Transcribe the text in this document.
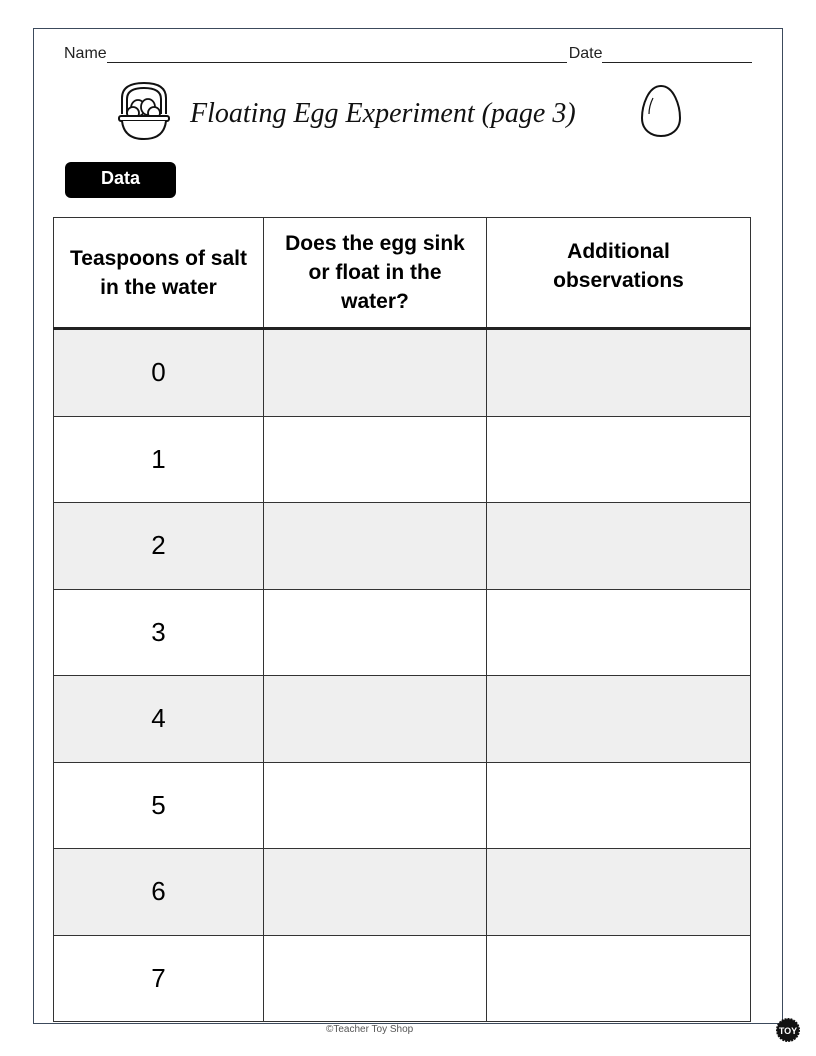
Name	Date
Floating Egg Experiment (page 3)
Data
Teaspoons of salt in the water	Does the egg sink or float in the water?	Additional observations
0		
1		
2		
3		
4		
5		
6		
7		
©Teacher Toy Shop	TOY
